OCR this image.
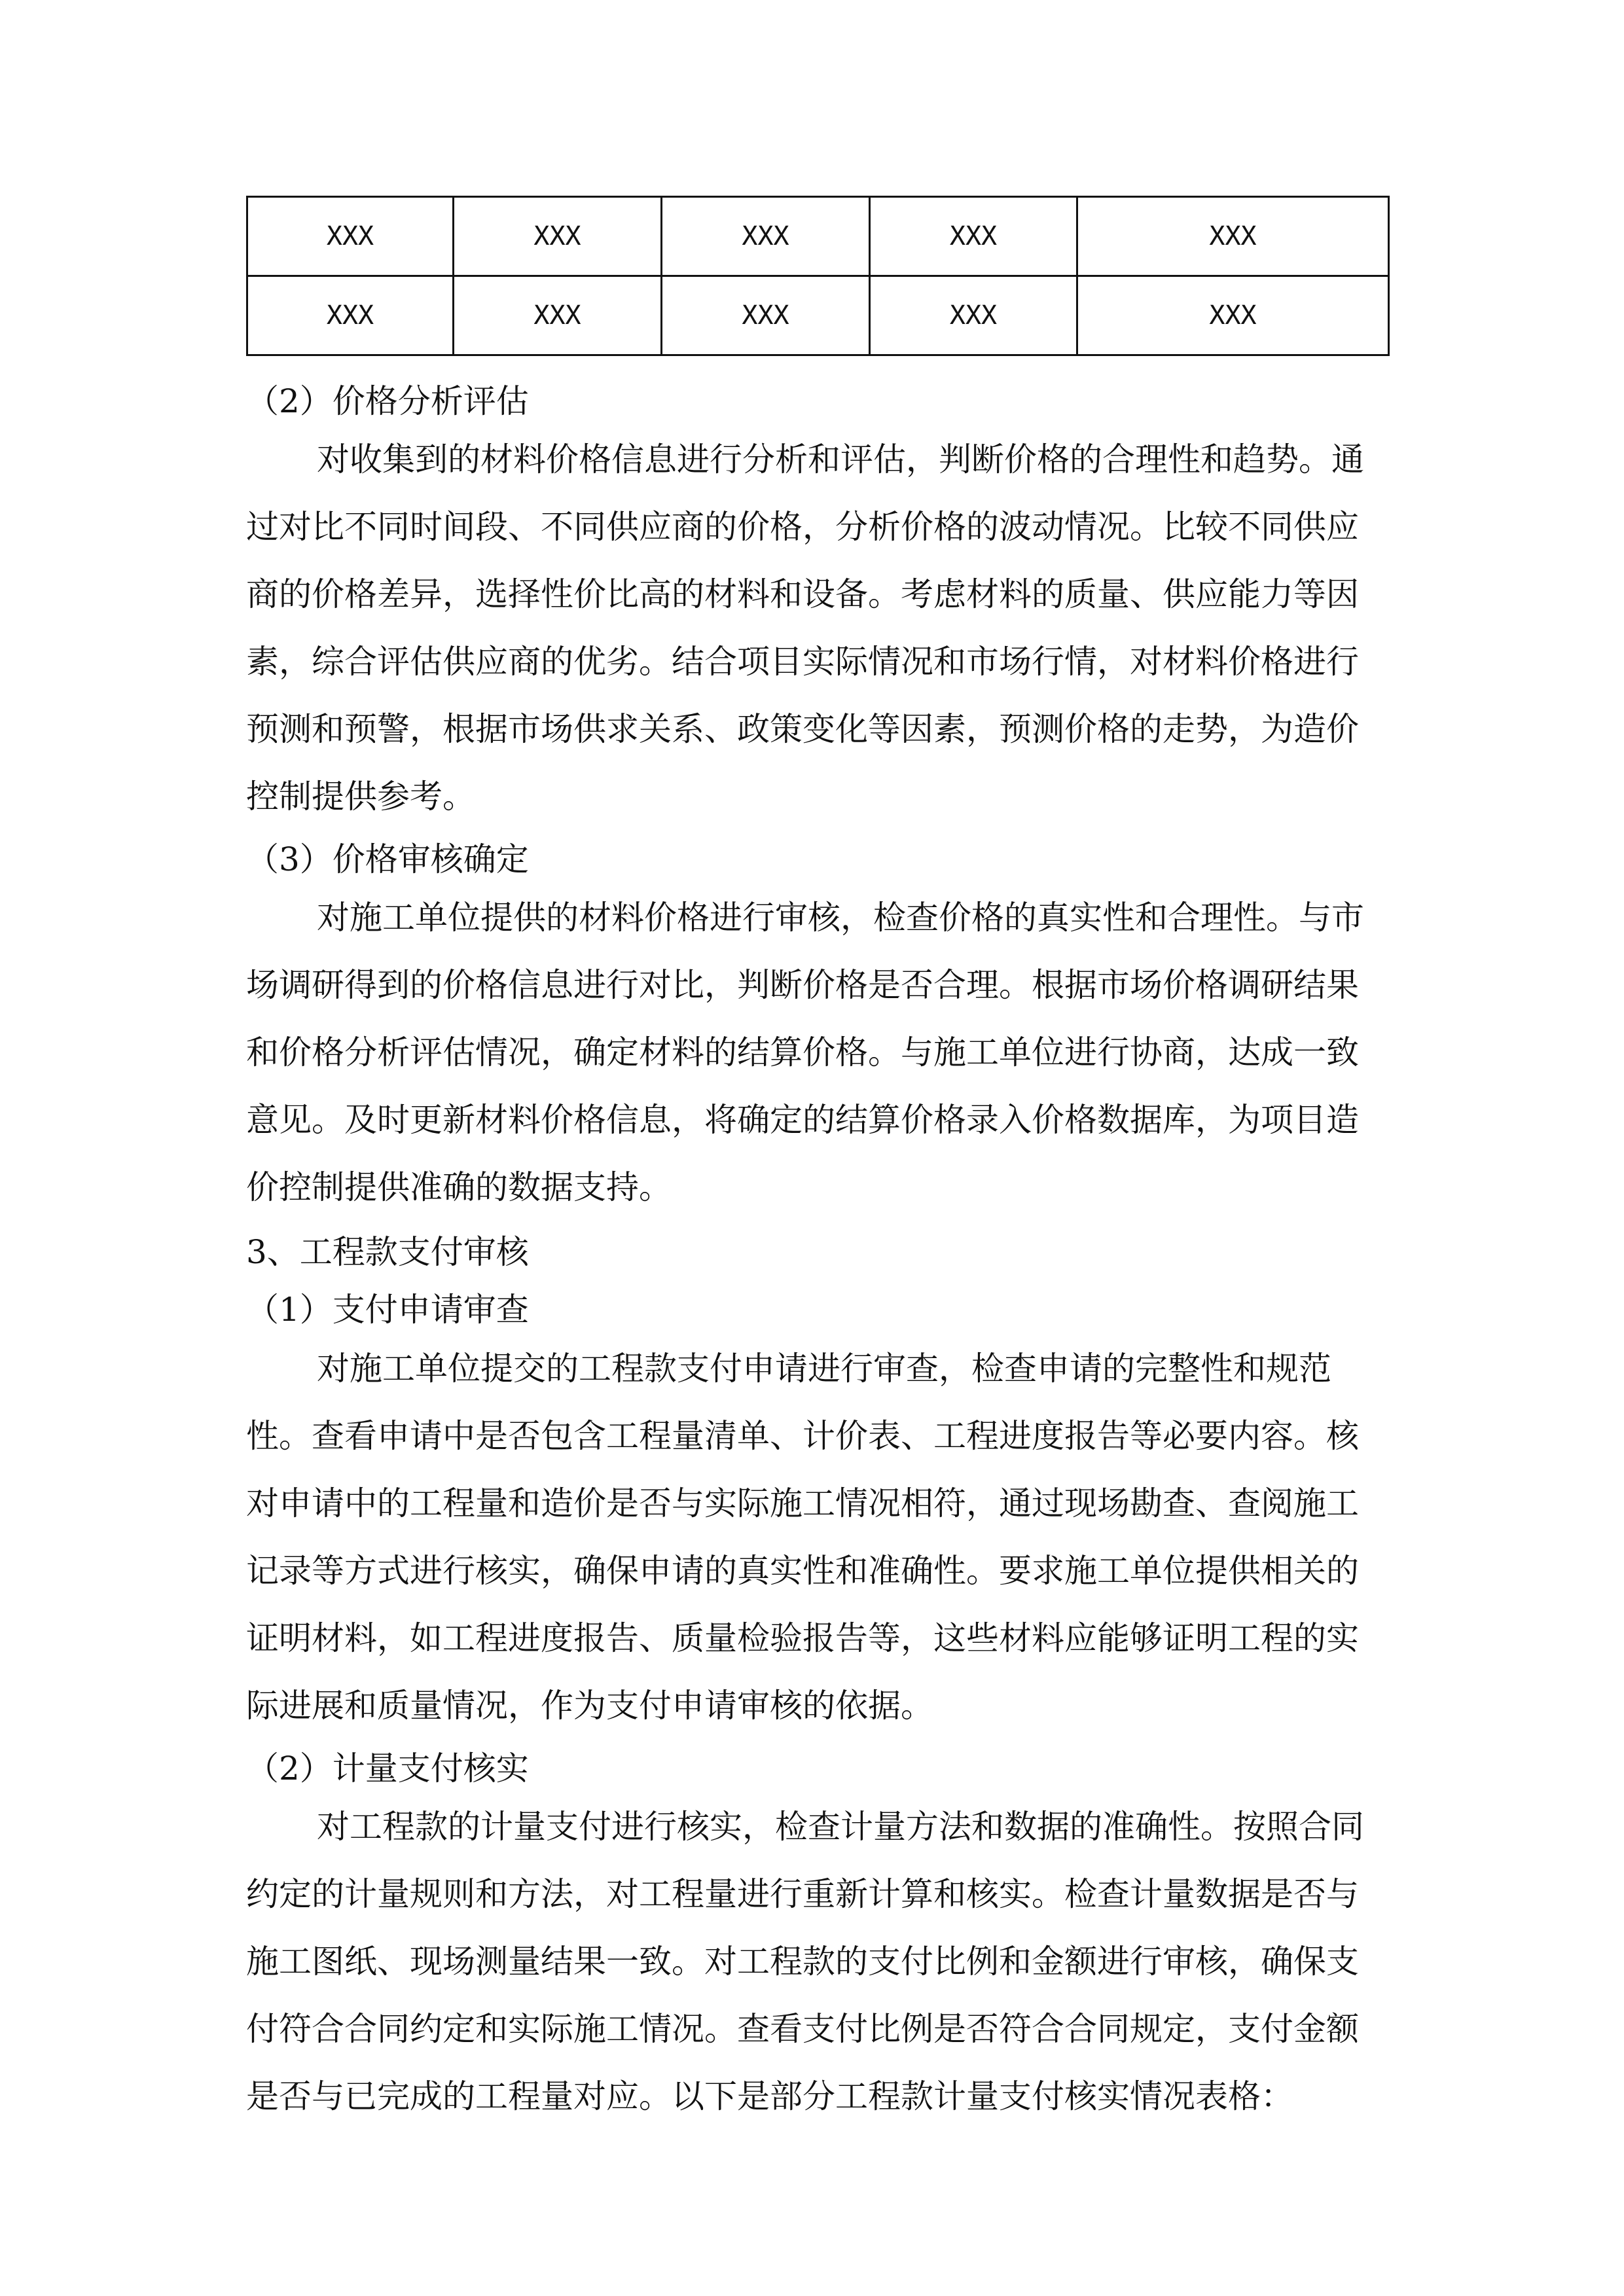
XXX	XXX	XXX	XXX	XXX
XXX	XXX	XXX	XXX	XXX
（2）价格分析评估
对收集到的材料价格信息进行分析和评估，判断价格的合理性和趋势。通
过对比不同时间段、不同供应商的价格，分析价格的波动情况。比较不同供应
商的价格差异，选择性价比高的材料和设备。考虑材料的质量、供应能力等因
素，综合评估供应商的优劣。结合项目实际情况和市场行情，对材料价格进行
预测和预警，根据市场供求关系、政策变化等因素，预测价格的走势，为造价
控制提供参考。
（3）价格审核确定
对施工单位提供的材料价格进行审核，检查价格的真实性和合理性。与市
场调研得到的价格信息进行对比，判断价格是否合理。根据市场价格调研结果
和价格分析评估情况，确定材料的结算价格。与施工单位进行协商，达成一致
意见。及时更新材料价格信息，将确定的结算价格录入价格数据库，为项目造
价控制提供准确的数据支持。
3、工程款支付审核
（1）支付申请审查
对施工单位提交的工程款支付申请进行审查，检查申请的完整性和规范
性。查看申请中是否包含工程量清单、计价表、工程进度报告等必要内容。核
对申请中的工程量和造价是否与实际施工情况相符，通过现场勘查、查阅施工
记录等方式进行核实，确保申请的真实性和准确性。要求施工单位提供相关的
证明材料，如工程进度报告、质量检验报告等，这些材料应能够证明工程的实
际进展和质量情况，作为支付申请审核的依据。
（2）计量支付核实
对工程款的计量支付进行核实，检查计量方法和数据的准确性。按照合同
约定的计量规则和方法，对工程量进行重新计算和核实。检查计量数据是否与
施工图纸、现场测量结果一致。对工程款的支付比例和金额进行审核，确保支
付符合合同约定和实际施工情况。查看支付比例是否符合合同规定，支付金额
是否与已完成的工程量对应。以下是部分工程款计量支付核实情况表格：
